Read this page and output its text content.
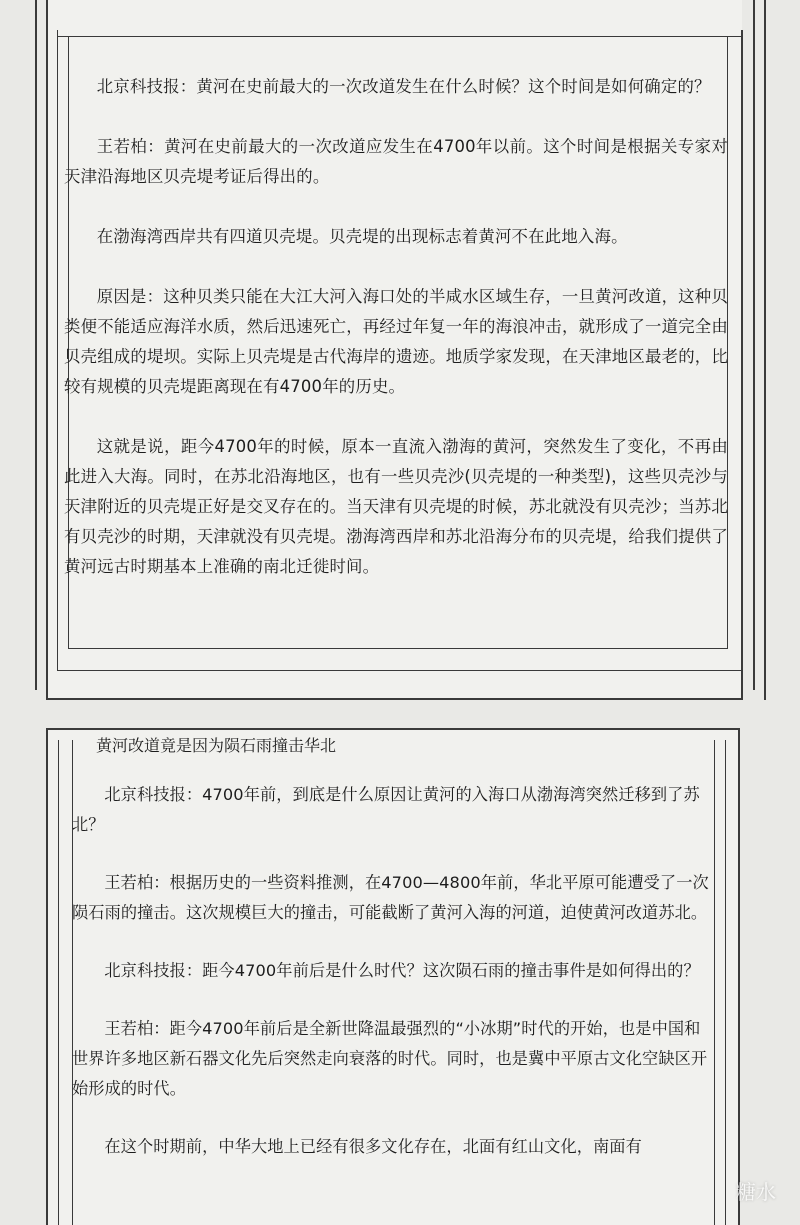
北京科技报：黄河在史前最大的一次改道发生在什么时候？这个时间是如何确定的？

王若柏：黄河在史前最大的一次改道应发生在4700年以前。这个时间是根据关专家对天津沿海地区贝壳堤考证后得出的。

在渤海湾西岸共有四道贝壳堤。贝壳堤的出现标志着黄河不在此地入海。

原因是：这种贝类只能在大江大河入海口处的半咸水区域生存，一旦黄河改道，这种贝类便不能适应海洋水质，然后迅速死亡，再经过年复一年的海浪冲击，就形成了一道完全由贝壳组成的堤坝。实际上贝壳堤是古代海岸的遗迹。地质学家发现，在天津地区最老的，比较有规模的贝壳堤距离现在有4700年的历史。

这就是说，距今4700年的时候，原本一直流入渤海的黄河，突然发生了变化，不再由此进入大海。同时，在苏北沿海地区，也有一些贝壳沙(贝壳堤的一种类型)，这些贝壳沙与天津附近的贝壳堤正好是交叉存在的。当天津有贝壳堤的时候，苏北就没有贝壳沙；当苏北有贝壳沙的时期，天津就没有贝壳堤。渤海湾西岸和苏北沿海分布的贝壳堤，给我们提供了黄河远古时期基本上准确的南北迁徙时间。

黄河改道竟是因为陨石雨撞击华北

北京科技报：4700年前，到底是什么原因让黄河的入海口从渤海湾突然迁移到了苏北？

王若柏：根据历史的一些资料推测，在4700—4800年前，华北平原可能遭受了一次陨石雨的撞击。这次规模巨大的撞击，可能截断了黄河入海的河道，迫使黄河改道苏北。

北京科技报：距今4700年前后是什么时代？这次陨石雨的撞击事件是如何得出的？

王若柏：距今4700年前后是全新世降温最强烈的“小冰期”时代的开始，也是中国和世界许多地区新石器文化先后突然走向衰落的时代。同时，也是冀中平原古文化空缺区开始形成的时代。

在这个时期前，中华大地上已经有很多文化存在，北面有红山文化，南面有

糖水
